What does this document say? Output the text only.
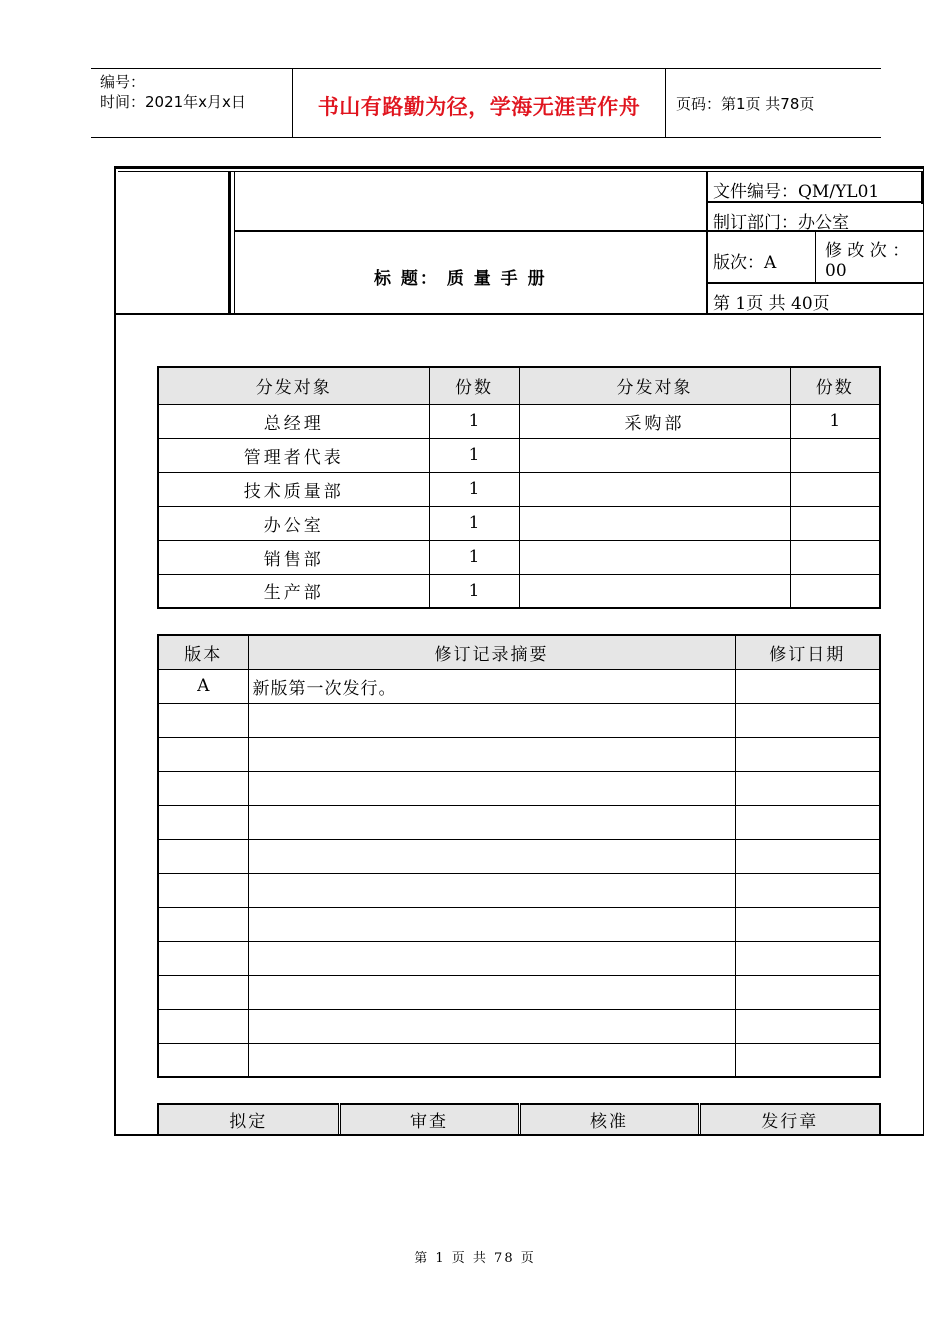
编号：
时间：2021年x月x日	书山有路勤为径，学海无涯苦作舟	页码：第1页 共78页
标 题： 质 量 手 册
文件编号：QM/YL01
制订部门：办公室
版次：A
修 改 次 ：
00
第 1页 共 40页
分发对象	份数	分发对象	份数
总经理	1	采购部	1
管理者代表	1		
技术质量部	1		
办公室	1		
销售部	1		
生产部	1		
版本	修订记录摘要	修订日期
A	新版第一次发行。	

拟定	审查	核准	发行章
第 1 页 共 78 页
